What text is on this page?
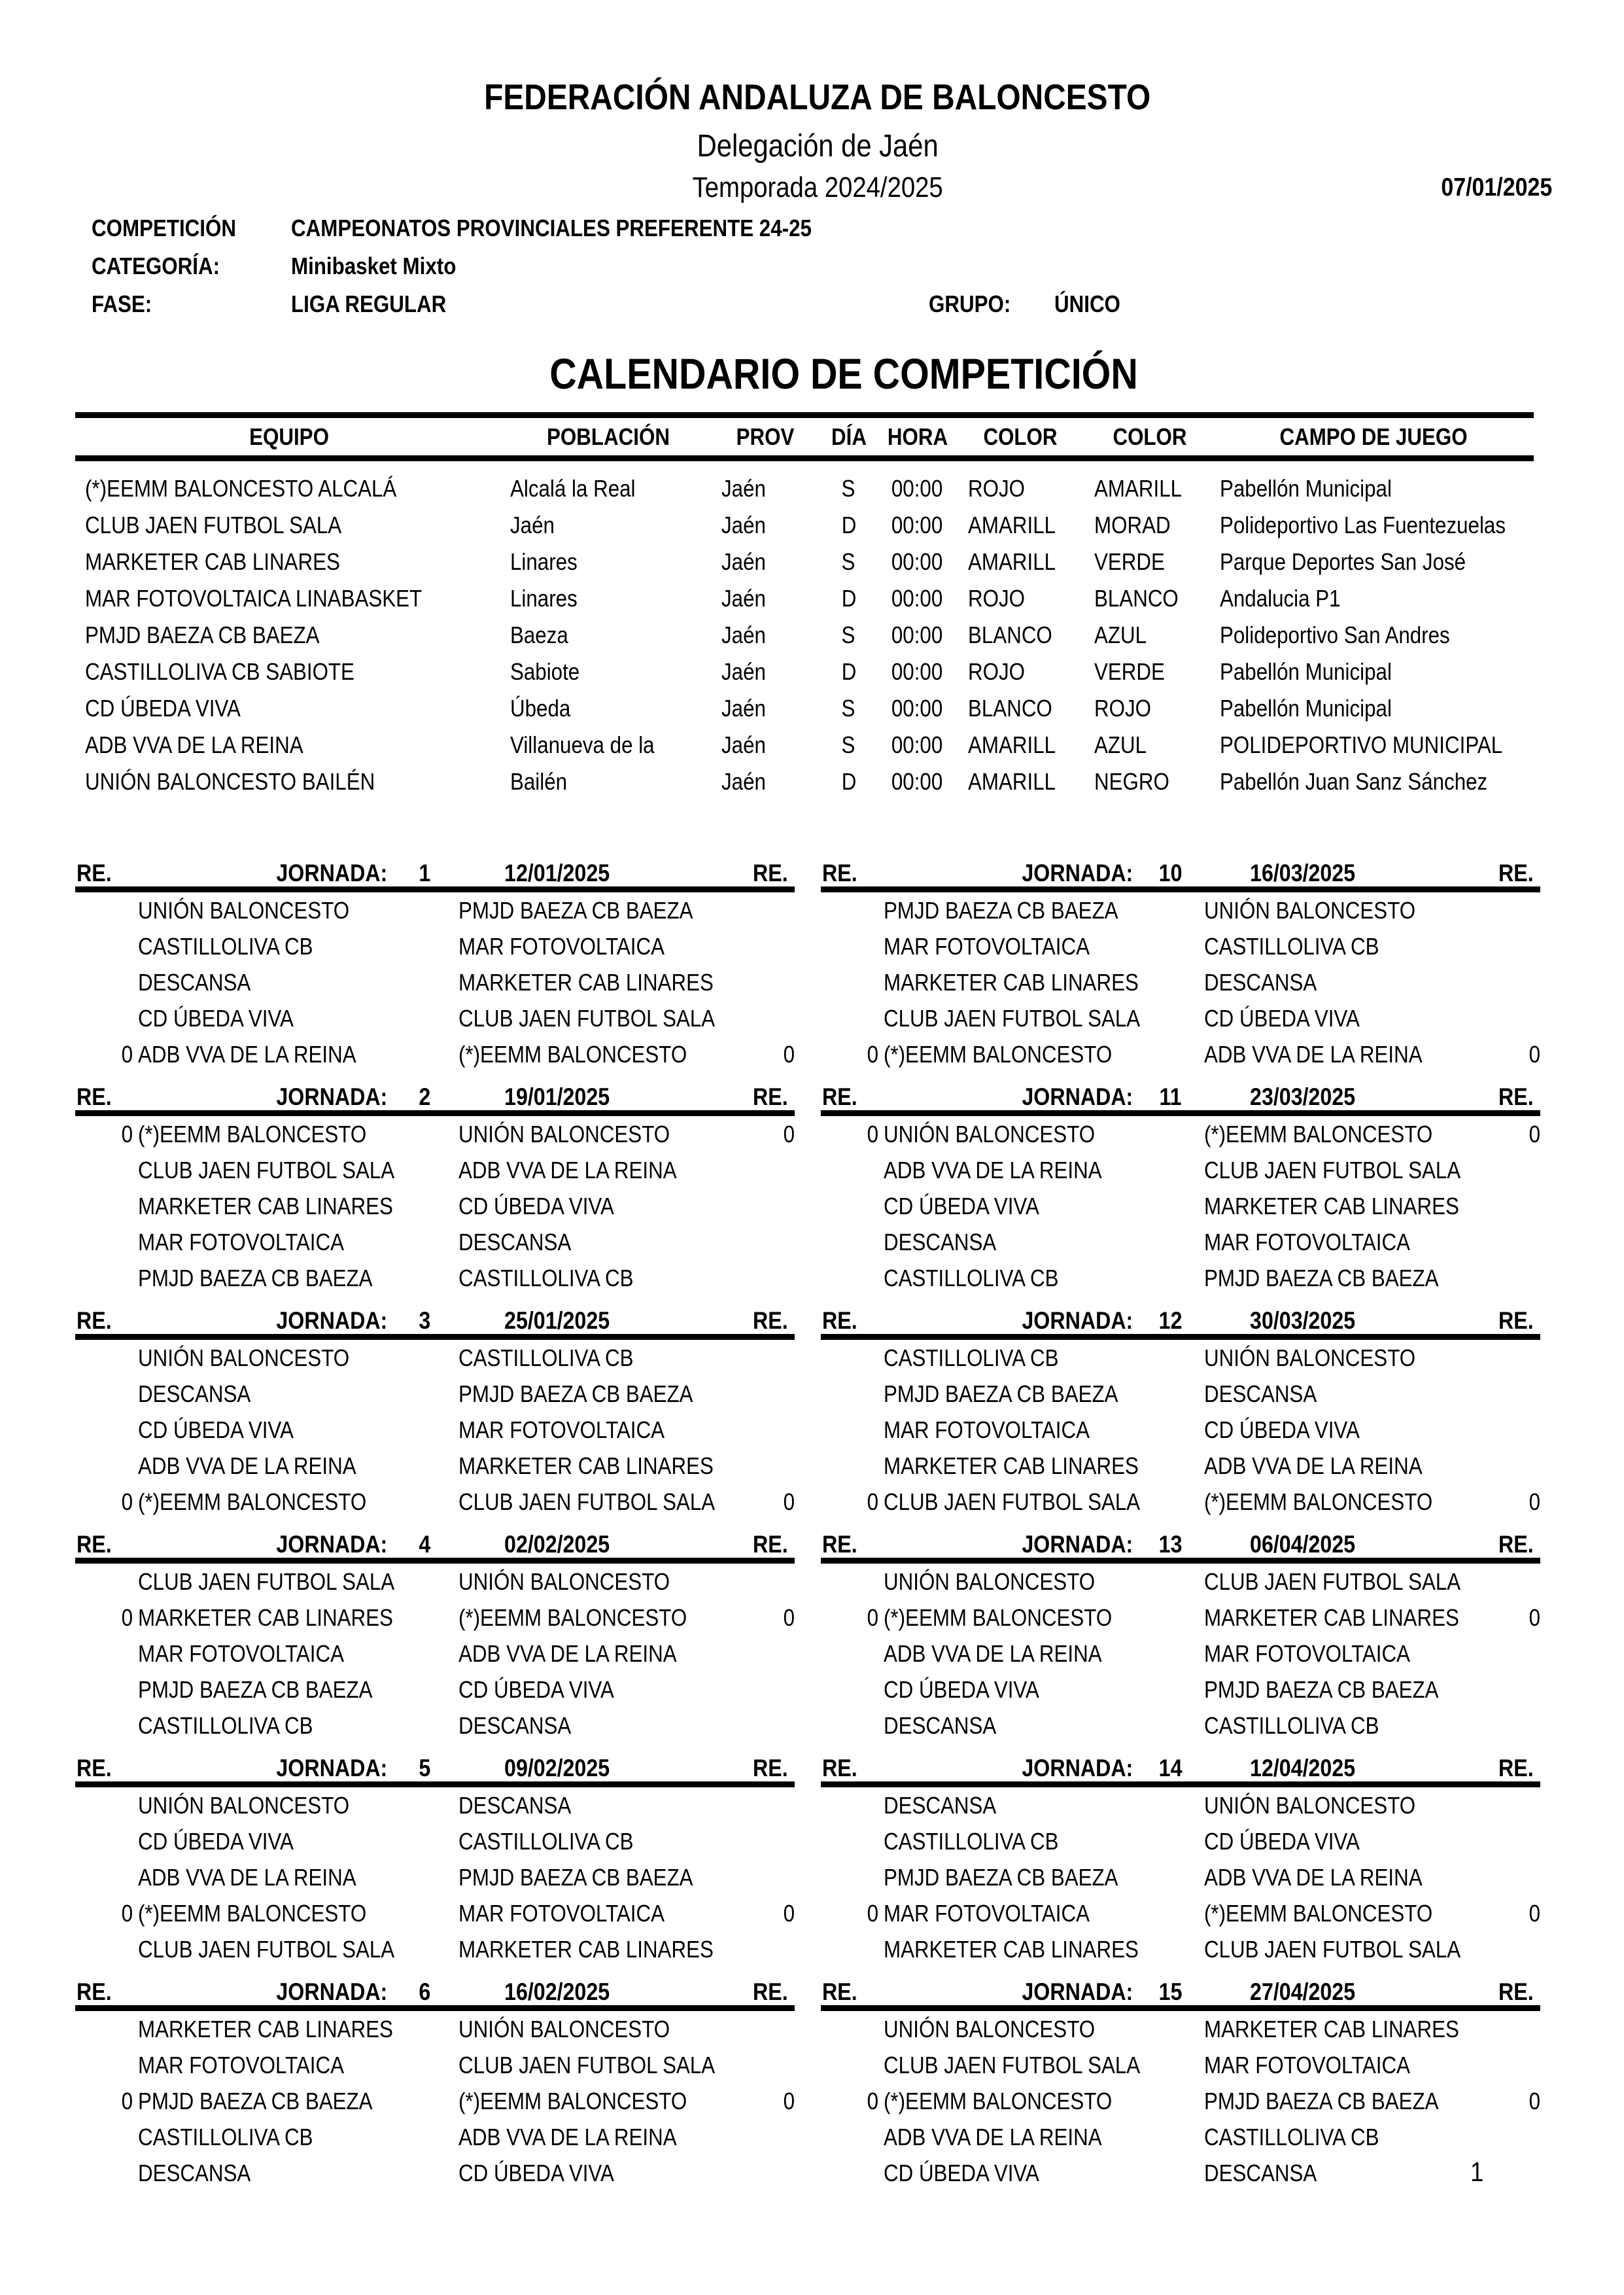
FEDERACIÓN ANDALUZA DE BALONCESTO
Delegación de Jaén
Temporada 2024/2025	07/01/2025
COMPETICIÓN	CAMPEONATOS PROVINCIALES PREFERENTE 24-25
CATEGORÍA:	Minibasket Mixto
FASE:	LIGA REGULAR	GRUPO:	ÚNICO
CALENDARIO DE COMPETICIÓN
EQUIPO	POBLACIÓN	PROV	DÍA HORA	COLOR	COLOR	CAMPO DE JUEGO
(*)EEMM BALONCESTO ALCALÁ	Alcalá la Real	Jaén	S	00:00	ROJO	AMARILL	Pabellón Municipal
CLUB JAEN FUTBOL SALA	Jaén	Jaén	D	00:00	AMARILL	MORAD	Polideportivo Las Fuentezuelas
MARKETER CAB LINARES	Linares	Jaén	S	00:00	AMARILL	VERDE	Parque Deportes San José
MAR FOTOVOLTAICA LINABASKET	Linares	Jaén	D	00:00	ROJO	BLANCO	Andalucia P1
PMJD BAEZA CB BAEZA	Baeza	Jaén	S	00:00	BLANCO	AZUL	Polideportivo San Andres
CASTILLOLIVA CB SABIOTE	Sabiote	Jaén	D	00:00	ROJO	VERDE	Pabellón Municipal
CD ÚBEDA VIVA	Úbeda	Jaén	S	00:00	BLANCO	ROJO	Pabellón Municipal
ADB VVA DE LA REINA	Villanueva de la	Jaén	S	00:00	AMARILL	AZUL	POLIDEPORTIVO MUNICIPAL
UNIÓN BALONCESTO BAILÉN	Bailén	Jaén	D	00:00	AMARILL	NEGRO	Pabellón Juan Sanz Sánchez
RE.	JORNADA:	1	12/01/2025	RE.
UNIÓN BALONCESTO	PMJD BAEZA CB BAEZA
CASTILLOLIVA CB	MAR FOTOVOLTAICA
DESCANSA	MARKETER CAB LINARES
CD ÚBEDA VIVA	CLUB JAEN FUTBOL SALA
0 ADB VVA DE LA REINA	(*)EEMM BALONCESTO	0
RE.	JORNADA:	10	16/03/2025	RE.
PMJD BAEZA CB BAEZA	UNIÓN BALONCESTO
MAR FOTOVOLTAICA	CASTILLOLIVA CB
MARKETER CAB LINARES	DESCANSA
CLUB JAEN FUTBOL SALA	CD ÚBEDA VIVA
0 (*)EEMM BALONCESTO	ADB VVA DE LA REINA	0
RE.	JORNADA:	2	19/01/2025	RE.
0 (*)EEMM BALONCESTO	UNIÓN BALONCESTO	0
CLUB JAEN FUTBOL SALA	ADB VVA DE LA REINA
MARKETER CAB LINARES	CD ÚBEDA VIVA
MAR FOTOVOLTAICA	DESCANSA
PMJD BAEZA CB BAEZA	CASTILLOLIVA CB
RE.	JORNADA:	11	23/03/2025	RE.
0 UNIÓN BALONCESTO	(*)EEMM BALONCESTO	0
ADB VVA DE LA REINA	CLUB JAEN FUTBOL SALA
CD ÚBEDA VIVA	MARKETER CAB LINARES
DESCANSA	MAR FOTOVOLTAICA
CASTILLOLIVA CB	PMJD BAEZA CB BAEZA
RE.	JORNADA:	3	25/01/2025	RE.
UNIÓN BALONCESTO	CASTILLOLIVA CB
DESCANSA	PMJD BAEZA CB BAEZA
CD ÚBEDA VIVA	MAR FOTOVOLTAICA
ADB VVA DE LA REINA	MARKETER CAB LINARES
0 (*)EEMM BALONCESTO	CLUB JAEN FUTBOL SALA	0
RE.	JORNADA:	12	30/03/2025	RE.
CASTILLOLIVA CB	UNIÓN BALONCESTO
PMJD BAEZA CB BAEZA	DESCANSA
MAR FOTOVOLTAICA	CD ÚBEDA VIVA
MARKETER CAB LINARES	ADB VVA DE LA REINA
0 CLUB JAEN FUTBOL SALA	(*)EEMM BALONCESTO	0
RE.	JORNADA:	4	02/02/2025	RE.
CLUB JAEN FUTBOL SALA	UNIÓN BALONCESTO
0 MARKETER CAB LINARES	(*)EEMM BALONCESTO	0
MAR FOTOVOLTAICA	ADB VVA DE LA REINA
PMJD BAEZA CB BAEZA	CD ÚBEDA VIVA
CASTILLOLIVA CB	DESCANSA
RE.	JORNADA:	13	06/04/2025	RE.
UNIÓN BALONCESTO	CLUB JAEN FUTBOL SALA
0 (*)EEMM BALONCESTO	MARKETER CAB LINARES	0
ADB VVA DE LA REINA	MAR FOTOVOLTAICA
CD ÚBEDA VIVA	PMJD BAEZA CB BAEZA
DESCANSA	CASTILLOLIVA CB
RE.	JORNADA:	5	09/02/2025	RE.
UNIÓN BALONCESTO	DESCANSA
CD ÚBEDA VIVA	CASTILLOLIVA CB
ADB VVA DE LA REINA	PMJD BAEZA CB BAEZA
0 (*)EEMM BALONCESTO	MAR FOTOVOLTAICA	0
CLUB JAEN FUTBOL SALA	MARKETER CAB LINARES
RE.	JORNADA:	14	12/04/2025	RE.
DESCANSA	UNIÓN BALONCESTO
CASTILLOLIVA CB	CD ÚBEDA VIVA
PMJD BAEZA CB BAEZA	ADB VVA DE LA REINA
0 MAR FOTOVOLTAICA	(*)EEMM BALONCESTO	0
MARKETER CAB LINARES	CLUB JAEN FUTBOL SALA
RE.	JORNADA:	6	16/02/2025	RE.
MARKETER CAB LINARES	UNIÓN BALONCESTO
MAR FOTOVOLTAICA	CLUB JAEN FUTBOL SALA
0 PMJD BAEZA CB BAEZA	(*)EEMM BALONCESTO	0
CASTILLOLIVA CB	ADB VVA DE LA REINA
DESCANSA	CD ÚBEDA VIVA
RE.	JORNADA:	15	27/04/2025	RE.
UNIÓN BALONCESTO	MARKETER CAB LINARES
CLUB JAEN FUTBOL SALA	MAR FOTOVOLTAICA
0 (*)EEMM BALONCESTO	PMJD BAEZA CB BAEZA	0
ADB VVA DE LA REINA	CASTILLOLIVA CB
CD ÚBEDA VIVA	DESCANSA	1
